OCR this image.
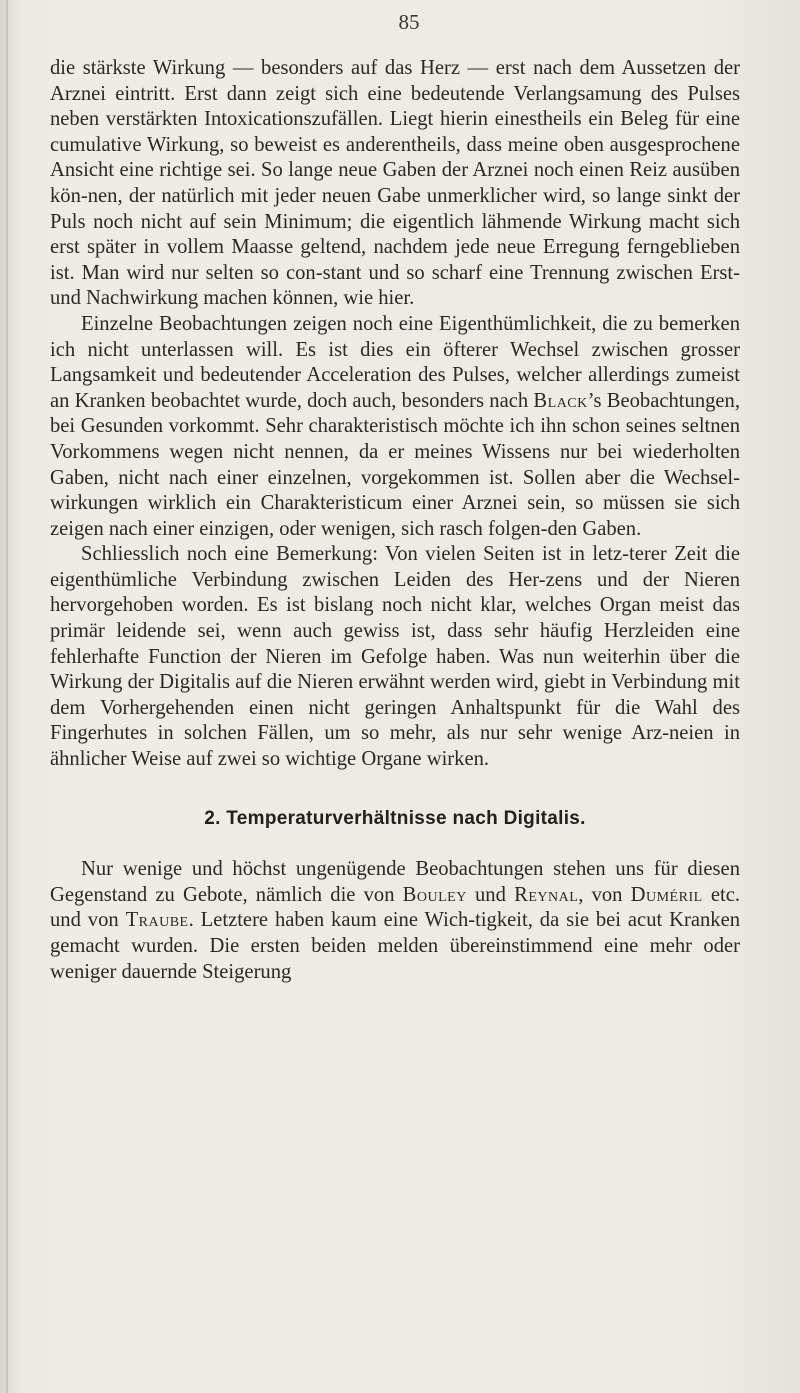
85

die stärkste Wirkung — besonders auf das Herz — erst nach dem Aussetzen der Arznei eintritt. Erst dann zeigt sich eine bedeutende Verlangsamung des Pulses neben verstärkten Intoxicationszufällen. Liegt hierin einestheils ein Beleg für eine cumulative Wirkung, so beweist es anderentheils, dass meine oben ausgesprochene Ansicht eine richtige sei. So lange neue Gaben der Arznei noch einen Reiz ausüben kön-nen, der natürlich mit jeder neuen Gabe unmerklicher wird, so lange sinkt der Puls noch nicht auf sein Minimum; die eigentlich lähmende Wirkung macht sich erst später in vollem Maasse geltend, nachdem jede neue Erregung ferngeblieben ist. Man wird nur selten so con-stant und so scharf eine Trennung zwischen Erst- und Nachwirkung machen können, wie hier.

Einzelne Beobachtungen zeigen noch eine Eigenthümlichkeit, die zu bemerken ich nicht unterlassen will. Es ist dies ein öfterer Wechsel zwischen grosser Langsamkeit und bedeutender Acceleration des Pulses, welcher allerdings zumeist an Kranken beobachtet wurde, doch auch, besonders nach Black’s Beobachtungen, bei Gesunden vorkommt. Sehr charakteristisch möchte ich ihn schon seines seltnen Vorkommens wegen nicht nennen, da er meines Wissens nur bei wiederholten Gaben, nicht nach einer einzelnen, vorgekommen ist. Sollen aber die Wechsel-wirkungen wirklich ein Charakteristicum einer Arznei sein, so müssen sie sich zeigen nach einer einzigen, oder wenigen, sich rasch folgen-den Gaben.

Schliesslich noch eine Bemerkung: Von vielen Seiten ist in letz-terer Zeit die eigenthümliche Verbindung zwischen Leiden des Her-zens und der Nieren hervorgehoben worden. Es ist bislang noch nicht klar, welches Organ meist das primär leidende sei, wenn auch gewiss ist, dass sehr häufig Herzleiden eine fehlerhafte Function der Nieren im Gefolge haben. Was nun weiterhin über die Wirkung der Digitalis auf die Nieren erwähnt werden wird, giebt in Verbindung mit dem Vorhergehenden einen nicht geringen Anhaltspunkt für die Wahl des Fingerhutes in solchen Fällen, um so mehr, als nur sehr wenige Arz-neien in ähnlicher Weise auf zwei so wichtige Organe wirken.

2. Temperaturverhältnisse nach Digitalis.

Nur wenige und höchst ungenügende Beobachtungen stehen uns für diesen Gegenstand zu Gebote, nämlich die von Bouley und Reynal, von Duméril etc. und von Traube. Letztere haben kaum eine Wich-tigkeit, da sie bei acut Kranken gemacht wurden. Die ersten beiden melden übereinstimmend eine mehr oder weniger dauernde Steigerung
